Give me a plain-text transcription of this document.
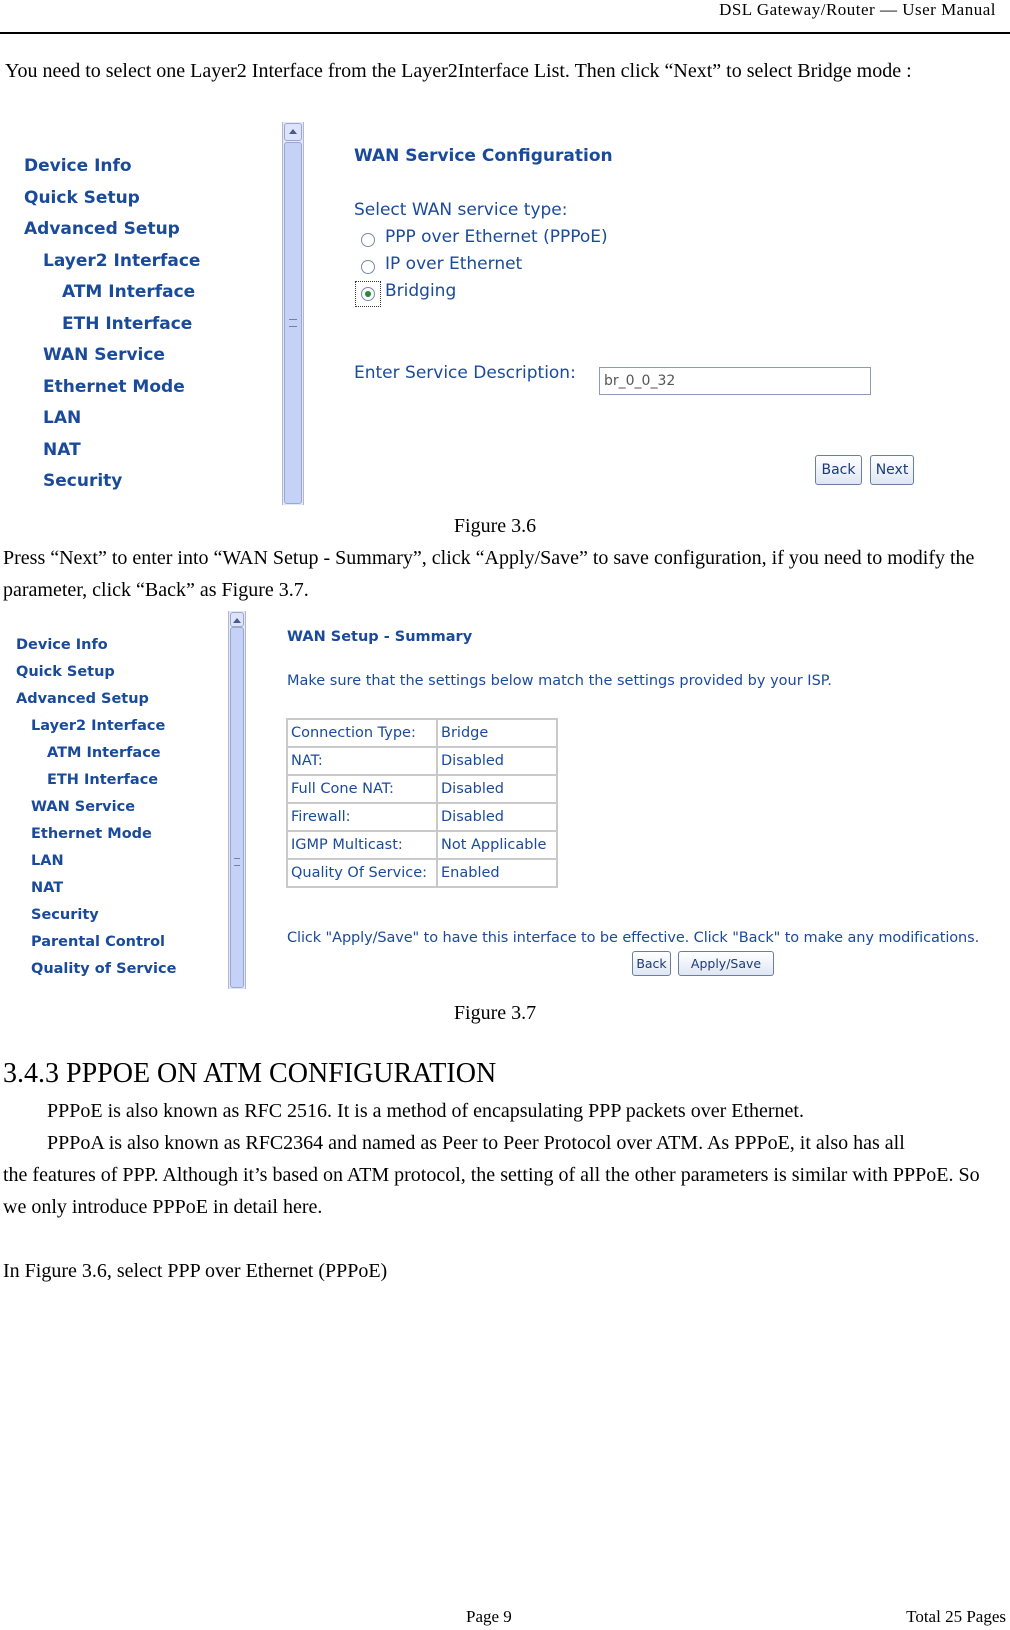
DSL Gateway/Router — User Manual
You need to select one Layer2 Interface from the Layer2Interface List. Then click “Next” to select Bridge mode :
Device Info
Quick Setup
Advanced Setup
Layer2 Interface
ATM Interface
ETH Interface
WAN Service
Ethernet Mode
LAN
NAT
Security
WAN Service Configuration
Select WAN service type:
PPP over Ethernet (PPPoE)
IP over Ethernet
Bridging
Enter Service Description:
br_0_0_32
Back	Next
Figure 3.6
Press “Next” to enter into “WAN Setup - Summary”, click “Apply/Save” to save configuration, if you need to modify the parameter, click “Back” as Figure 3.7.
Device Info
Quick Setup
Advanced Setup
Layer2 Interface
ATM Interface
ETH Interface
WAN Service
Ethernet Mode
LAN
NAT
Security
Parental Control
Quality of Service
WAN Setup - Summary
Make sure that the settings below match the settings provided by your ISP.
Connection Type:	Bridge
NAT:	Disabled
Full Cone NAT:	Disabled
Firewall:	Disabled
IGMP Multicast:	Not Applicable
Quality Of Service:	Enabled
Click "Apply/Save" to have this interface to be effective. Click "Back" to make any modifications.
Back	Apply/Save
Figure 3.7
3.4.3 PPPOE ON ATM CONFIGURATION
PPPoE is also known as RFC 2516. It is a method of encapsulating PPP packets over Ethernet.
PPPoA is also known as RFC2364 and named as Peer to Peer Protocol over ATM. As PPPoE, it also has all
the features of PPP. Although it’s based on ATM protocol, the setting of all the other parameters is similar with PPPoE. So we only introduce PPPoE in detail here.
In Figure 3.6, select PPP over Ethernet (PPPoE)
Page 9	Total 25 Pages
